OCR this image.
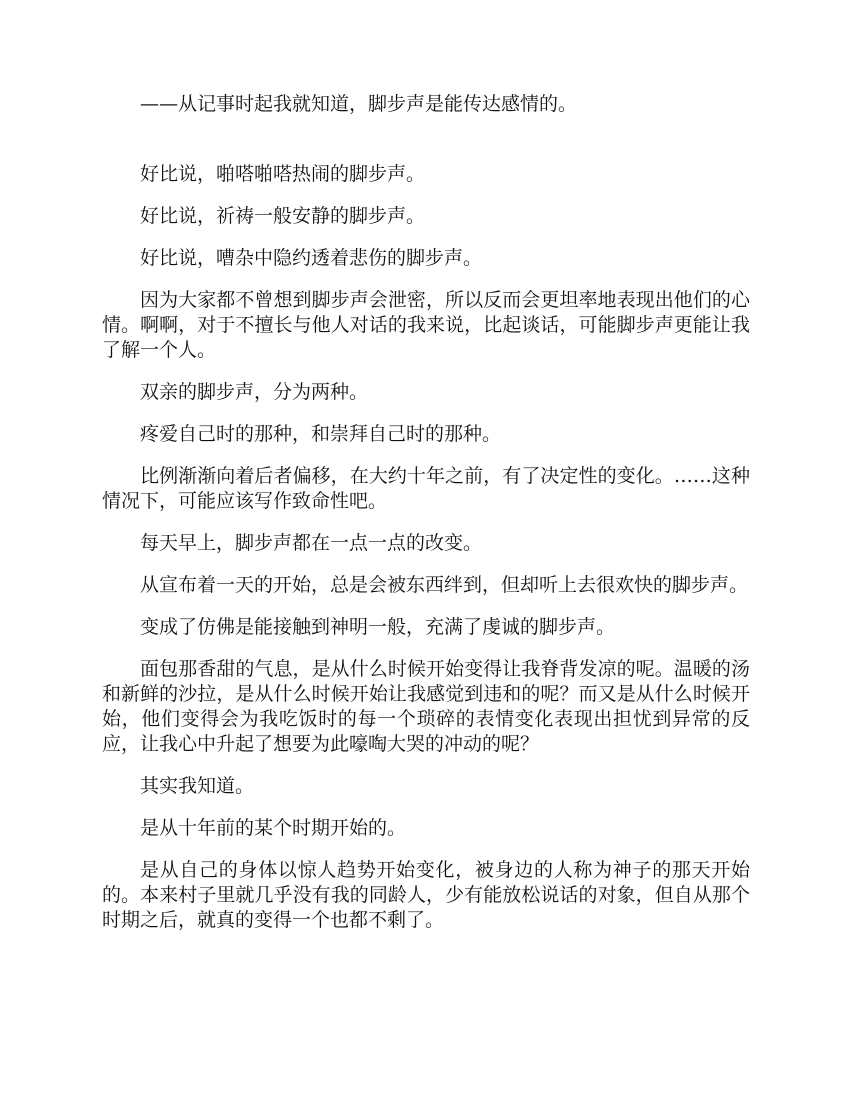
——从记事时起我就知道，脚步声是能传达感情的。

好比说，啪嗒啪嗒热闹的脚步声。

好比说，祈祷一般安静的脚步声。

好比说，嘈杂中隐约透着悲伤的脚步声。

因为大家都不曾想到脚步声会泄密，所以反而会更坦率地表现出他们的心情。啊啊，对于不擅长与他人对话的我来说，比起谈话，可能脚步声更能让我了解一个人。

双亲的脚步声，分为两种。

疼爱自己时的那种，和崇拜自己时的那种。

比例渐渐向着后者偏移，在大约十年之前，有了决定性的变化。……这种情况下，可能应该写作致命性吧。

每天早上，脚步声都在一点一点的改变。

从宣布着一天的开始，总是会被东西绊到，但却听上去很欢快的脚步声。

变成了仿佛是能接触到神明一般，充满了虔诚的脚步声。

面包那香甜的气息，是从什么时候开始变得让我脊背发凉的呢。温暖的汤和新鲜的沙拉，是从什么时候开始让我感觉到违和的呢？而又是从什么时候开始，他们变得会为我吃饭时的每一个琐碎的表情变化表现出担忧到异常的反应，让我心中升起了想要为此嚎啕大哭的冲动的呢？

其实我知道。

是从十年前的某个时期开始的。

是从自己的身体以惊人趋势开始变化，被身边的人称为神子的那天开始的。本来村子里就几乎没有我的同龄人，少有能放松说话的对象，但自从那个时期之后，就真的变得一个也都不剩了。
